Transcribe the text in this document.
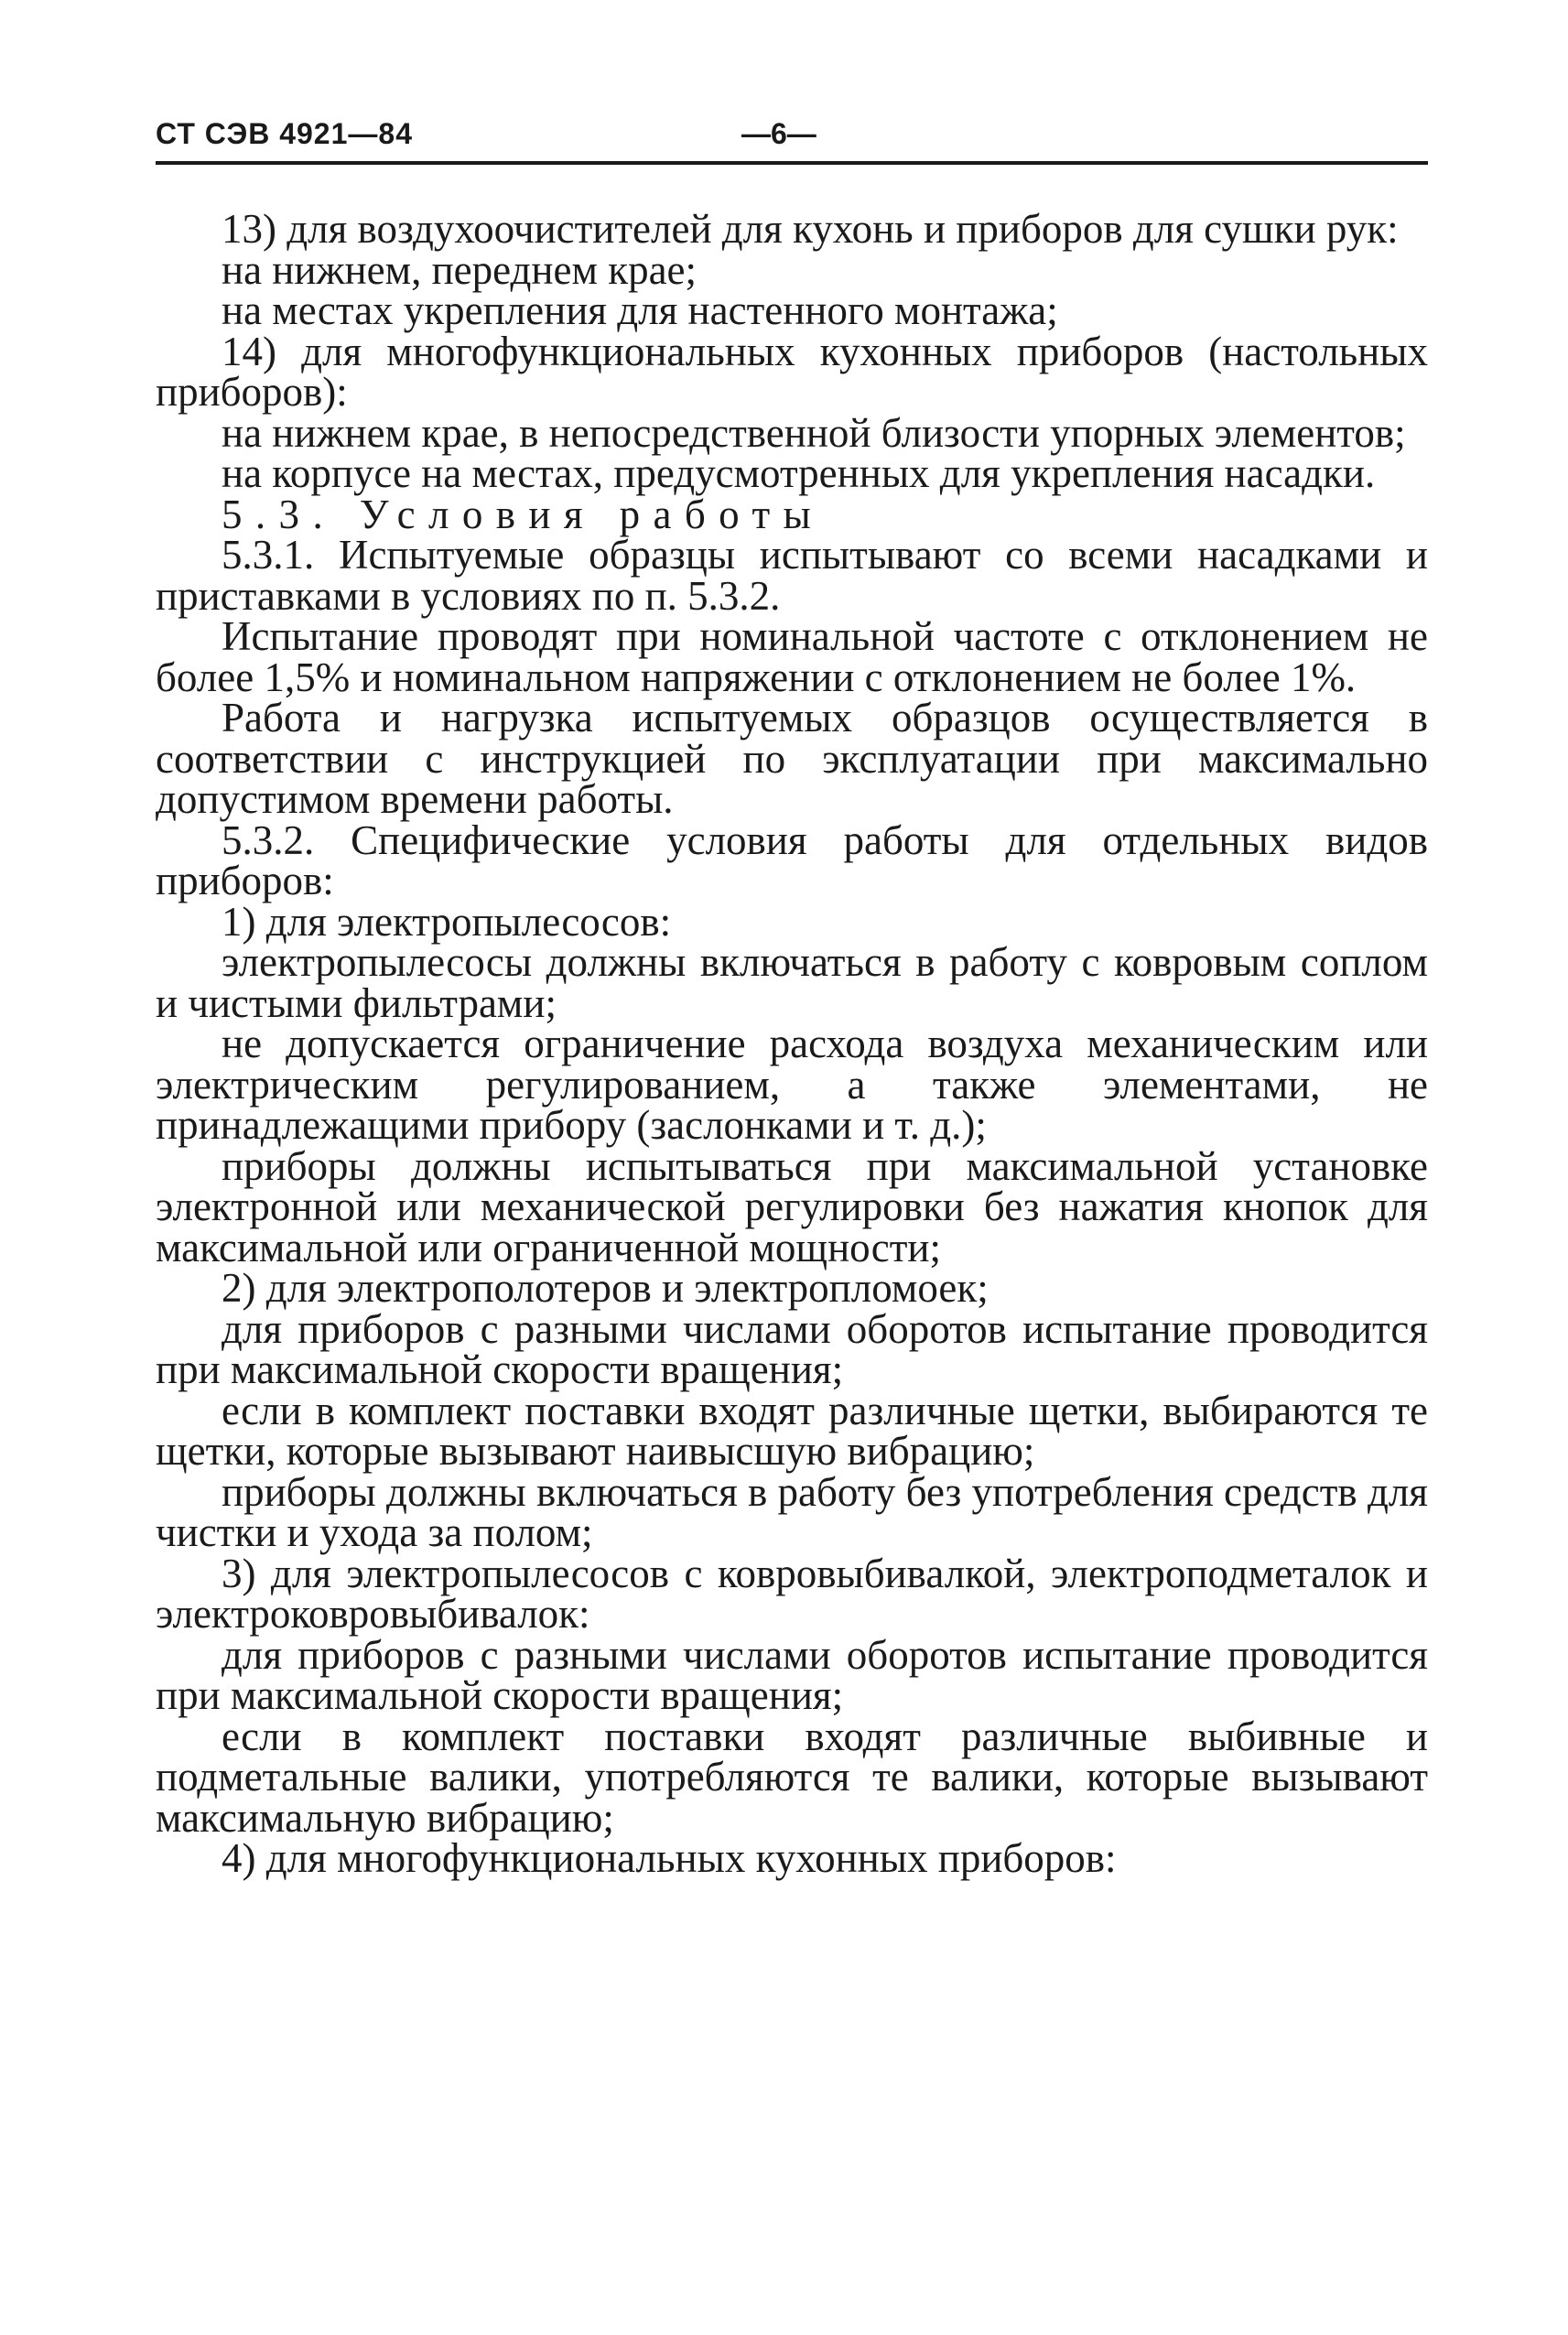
СТ СЭВ 4921—84	—6—

13) для воздухоочистителей для кухонь и приборов для сушки рук:

на нижнем, переднем крае;

на местах укрепления для настенного монтажа;

14) для многофункциональных кухонных приборов (настольных приборов):

на нижнем крае, в непосредственной близости упорных элементов;

на корпусе на местах, предусмотренных для укрепления насадки.

5.3. Условия работы

5.3.1. Испытуемые образцы испытывают со всеми насадками и приставками в условиях по п. 5.3.2.

Испытание проводят при номинальной частоте с отклонением не более 1,5% и номинальном напряжении с отклонением не более 1%.

Работа и нагрузка испытуемых образцов осуществляется в соответствии с инструкцией по эксплуатации при максимально допустимом времени работы.

5.3.2. Специфические условия работы для отдельных видов приборов:

1) для электропылесосов:

электропылесосы должны включаться в работу с ковровым соплом и чистыми фильтрами;

не допускается ограничение расхода воздуха механическим или электрическим регулированием, а также элементами, не принадлежащими прибору (заслонками и т. д.);

приборы должны испытываться при максимальной установке электронной или механической регулировки без нажатия кнопок для максимальной или ограниченной мощности;

2) для электрополотеров и электропломоек;

для приборов с разными числами оборотов испытание проводится при максимальной скорости вращения;

если в комплект поставки входят различные щетки, выбираются те щетки, которые вызывают наивысшую вибрацию;

приборы должны включаться в работу без употребления средств для чистки и ухода за полом;

3) для электропылесосов с ковровыбивалкой, электроподметалок и электроковровыбивалок:

для приборов с разными числами оборотов испытание проводится при максимальной скорости вращения;

если в комплект поставки входят различные выбивные и подметальные валики, употребляются те валики, которые вызывают максимальную вибрацию;

4) для многофункциональных кухонных приборов:
